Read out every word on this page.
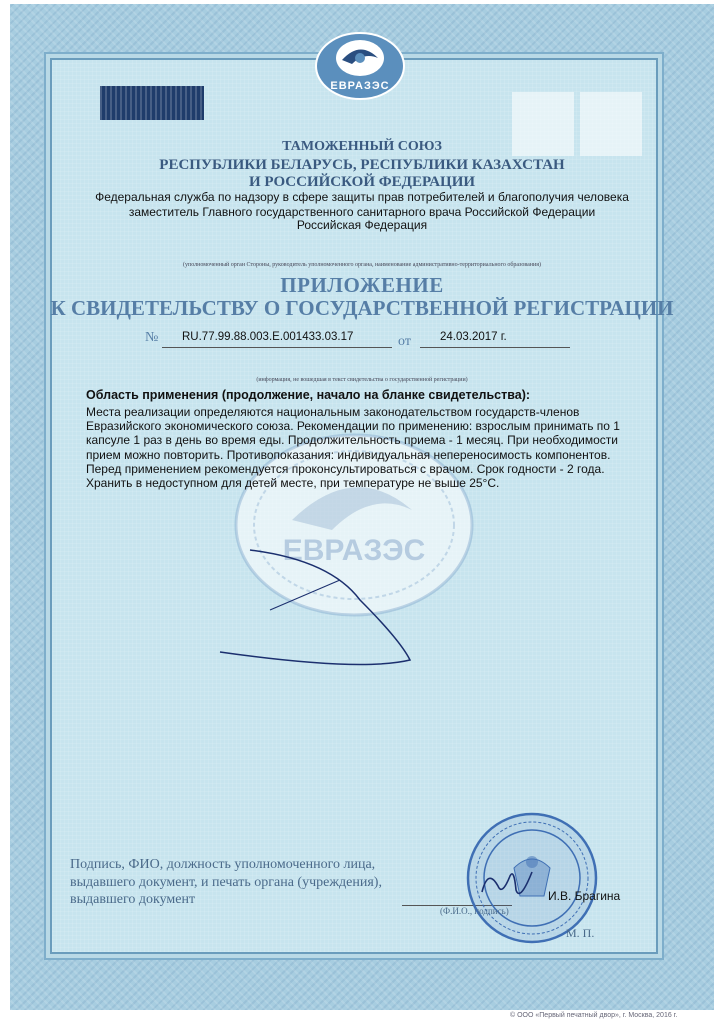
ЕВРАЗЭС
ЕВРАЗЭС
ТАМОЖЕННЫЙ СОЮЗ
РЕСПУБЛИКИ БЕЛАРУСЬ, РЕСПУБЛИКИ КАЗАХСТАН
И РОССИЙСКОЙ ФЕДЕРАЦИИ
Федеральная служба по надзору в сфере защиты прав потребителей и благополучия человека
заместитель Главного государственного санитарного врача Российской Федерации
Российская Федерация
(уполномоченный орган Стороны, руководитель уполномоченного органа, наименование административно-территориального образования)
ПРИЛОЖЕНИЕ
К СВИДЕТЕЛЬСТВУ О ГОСУДАРСТВЕННОЙ РЕГИСТРАЦИИ
№ RU.77.99.88.003.E.001433.03.17	от	24.03.2017 г.
(информация, не вошедшая в текст свидетельства о государственной регистрации)
Область применения (продолжение, начало на бланке свидетельства):
Места реализации определяются национальным законодательством государств-членов Евразийского экономического союза. Рекомендации по применению: взрослым принимать по 1 капсуле 1 раз в день во время еды. Продолжительность приема - 1 месяц. При необходимости прием можно повторить. Противопоказания: индивидуальная непереносимость компонентов. Перед применением рекомендуется проконсультироваться с врачом. Срок годности - 2 года. Хранить в недоступном для детей месте, при температуре не выше 25°С.
Подпись, ФИО, должность уполномоченного лица, выдавшего документ, и печать органа (учреждения), выдавшего документ	И.В. Брагина
(Ф.И.О., подпись)
М. П.
© ООО «Первый печатный двор», г. Москва, 2016 г.
